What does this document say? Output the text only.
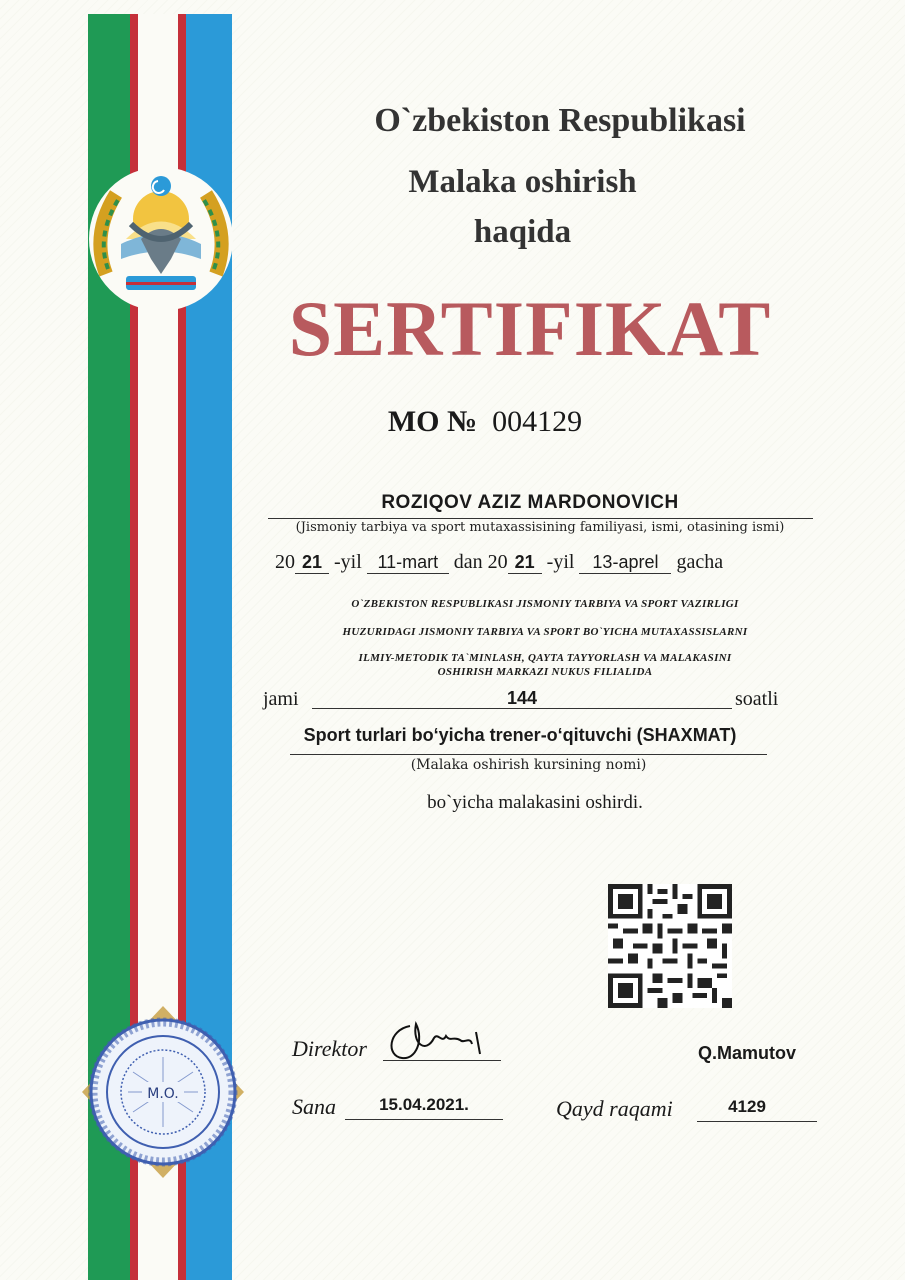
O`zbekiston Respublikasi
Malaka oshirish
haqida
SERTIFIKAT
MO № 004129
ROZIQOV AZIZ MARDONOVICH
(Jismoniy tarbiya va sport mutaxassisining familiyasi, ismi, otasining ismi)
20 21 -yil 11-mart dan 20 21 -yil 13-aprel gacha
O`ZBEKISTON RESPUBLIKASI JISMONIY TARBIYA VA SPORT VAZIRLIGI
HUZURIDAGI JISMONIY TARBIYA VA SPORT BO`YICHA MUTAXASSISLARNI
ILMIY-METODIK TA`MINLASH, QAYTA TAYYORLASH VA MALAKASINI
OSHIRISH MARKAZI NUKUS FILIALIDA
jami	144	soatli
Sport turlari bo‘yicha trener-o‘qituvchi (SHAXMAT)
(Malaka oshirish kursining nomi)
bo`yicha malakasini oshirdi.
M.O.
Direktor	Q.Mamutov
Sana	15.04.2021.	Qayd raqami	4129
